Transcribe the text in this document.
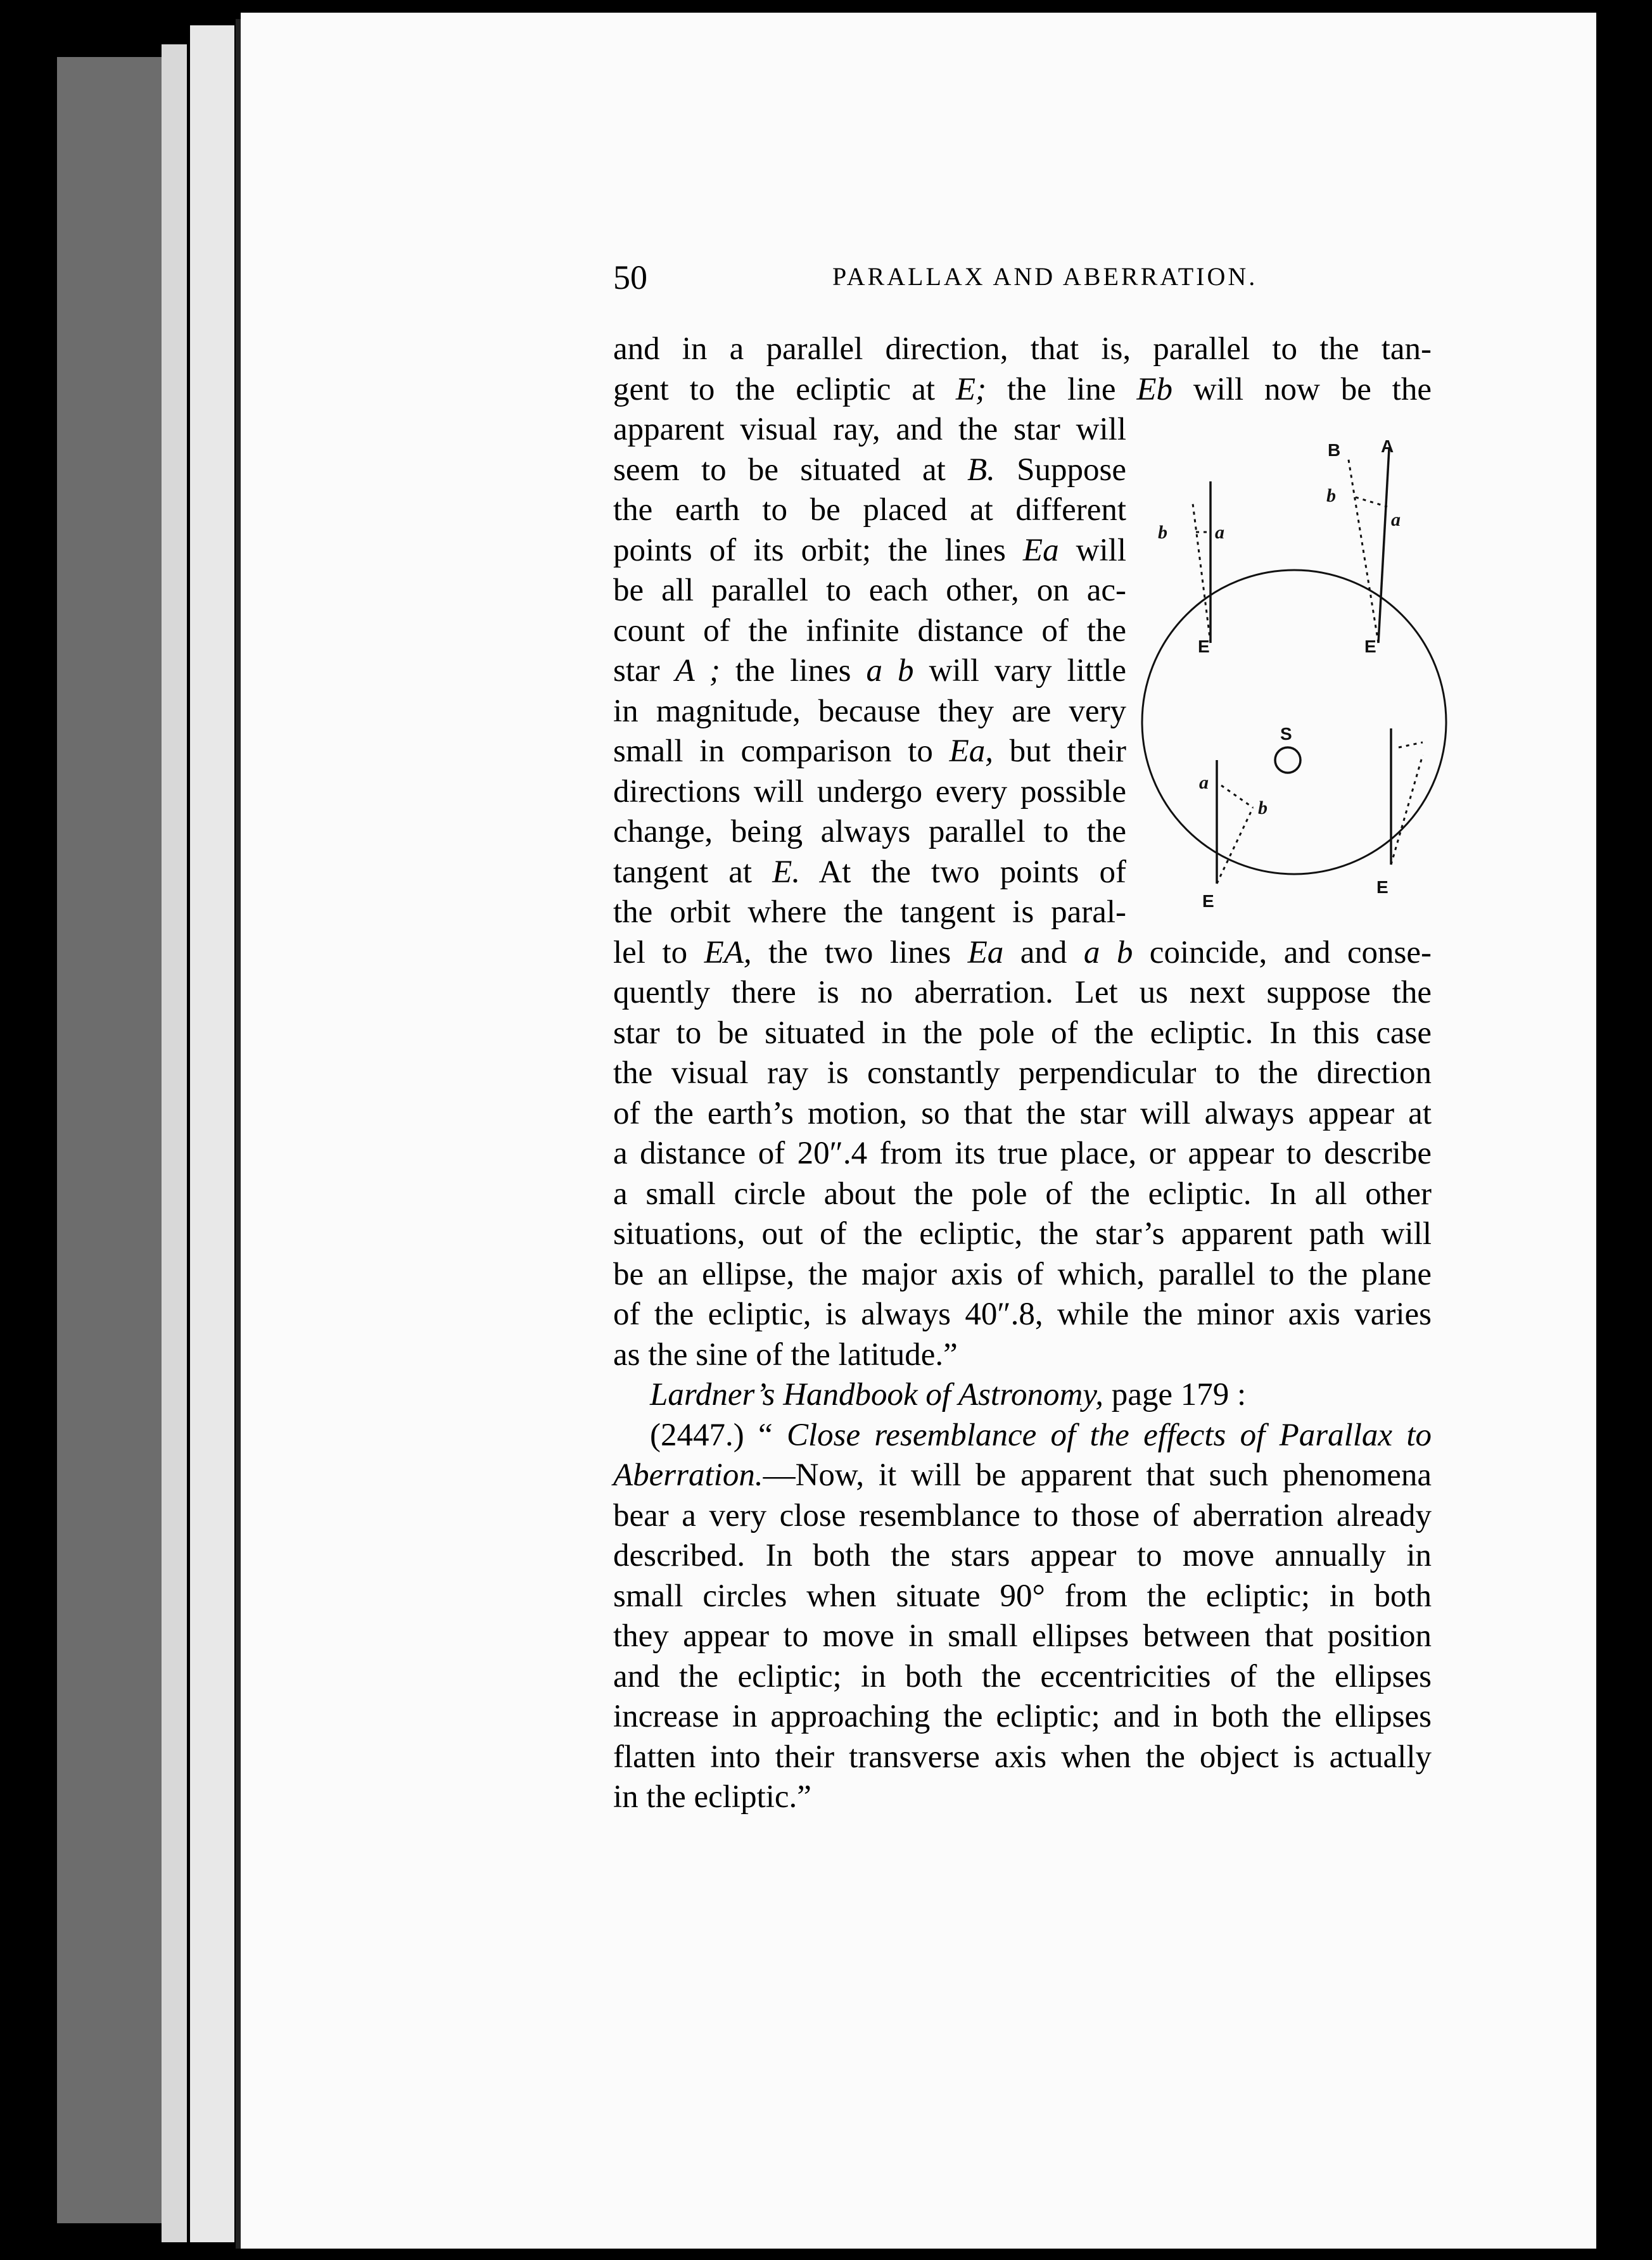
50	PARALLAX AND ABERRATION.

and in a parallel direction, that is, parallel to the tan-
gent to the ecliptic at E; the line Eb will now be the
apparent visual ray, and the star will
seem to be situated at B. Suppose
the earth to be placed at different
points of its orbit; the lines Ea will
be all parallel to each other, on ac-
count of the infinite distance of the
star A ; the lines a b will vary little
in magnitude, because they are very
small in comparison to Ea, but their
directions will undergo every possible
change, being always parallel to the
tangent at E. At the two points of
the orbit where the tangent is paral-
lel to EA, the two lines Ea and a b coincide, and conse-
quently there is no aberration. Let us next suppose the
star to be situated in the pole of the ecliptic. In this case
the visual ray is constantly perpendicular to the direction
of the earth’s motion, so that the star will always appear at
a distance of 20″.4 from its true place, or appear to describe
a small circle about the pole of the ecliptic. In all other
situations, out of the ecliptic, the star’s apparent path will
be an ellipse, the major axis of which, parallel to the plane
of the ecliptic, is always 40″.8, while the minor axis varies
as the sine of the latitude.”

Lardner’s Handbook of Astronomy, page 179 :

(2447.) “ Close resemblance of the effects of Parallax to
Aberration.—Now, it will be apparent that such phenomena
bear a very close resemblance to those of aberration already
described. In both the stars appear to move annually in
small circles when situate 90° from the ecliptic; in both
they appear to move in small ellipses between that position
and the ecliptic; in both the eccentricities of the ellipses
increase in approaching the ecliptic; and in both the ellipses
flatten into their transverse axis when the object is actually
in the ecliptic.”

B A
S
E	E
E
E
b	a
b
a
a
b
